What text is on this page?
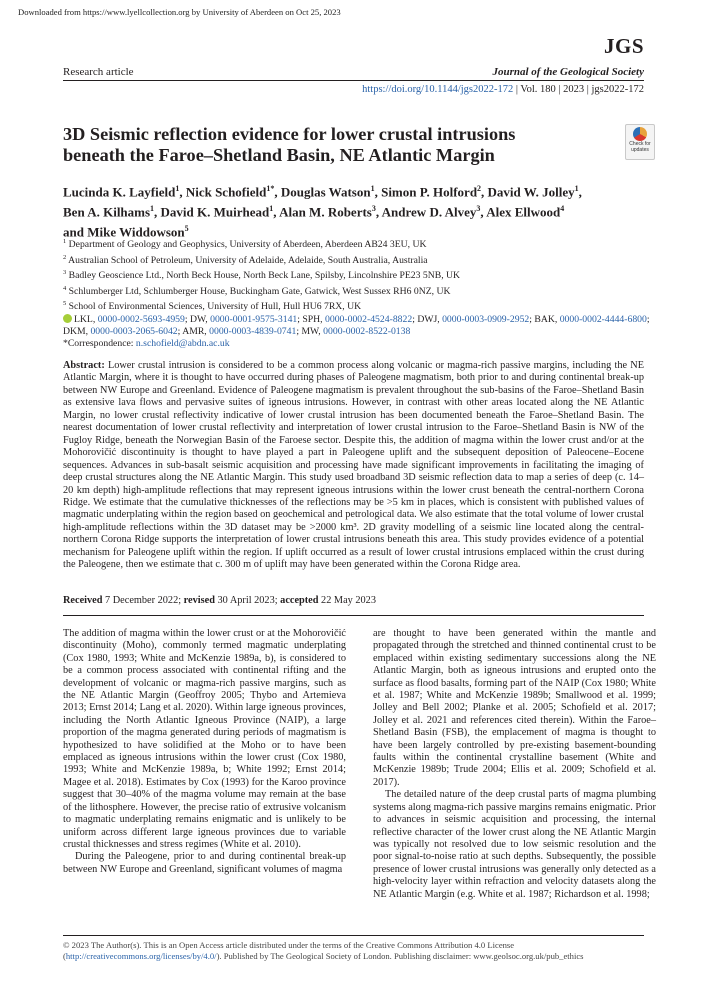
Downloaded from https://www.lyellcollection.org by University of Aberdeen on Oct 25, 2023
JGS
Research article	Journal of the Geological Society
https://doi.org/10.1144/jgs2022-172 | Vol. 180 | 2023 | jgs2022-172
3D Seismic reflection evidence for lower crustal intrusions beneath the Faroe–Shetland Basin, NE Atlantic Margin
Check for
updates
Lucinda K. Layfield$^1$, Nick Schofield$^{1*}$, Douglas Watson$^1$, Simon P. Holford$^2$, David W. Jolley$^1$, Ben A. Kilhams$^1$, David K. Muirhead$^1$, Alan M. Roberts$^3$, Andrew D. Alvey$^3$, Alex Ellwood$^4$ and Mike Widdowson$^5$
$^1$ Department of Geology and Geophysics, University of Aberdeen, Aberdeen AB24 3EU, UK
$^2$ Australian School of Petroleum, University of Adelaide, Adelaide, South Australia, Australia
$^3$ Badley Geoscience Ltd., North Beck House, North Beck Lane, Spilsby, Lincolnshire PE23 5NB, UK
$^4$ Schlumberger Ltd, Schlumberger House, Buckingham Gate, Gatwick, West Sussex RH6 0NZ, UK
$^5$ School of Environmental Sciences, University of Hull, Hull HU6 7RX, UK
LKL, 0000-0002-5693-4959; DW, 0000-0001-9575-3141; SPH, 0000-0002-4524-8822; DWJ, 0000-0003-0909-2952; BAK, 0000-0002-4444-6800; DKM, 0000-0003-2065-6042; AMR, 0000-0003-4839-0741; MW, 0000-0002-8522-0138
*Correspondence: n.schofield@abdn.ac.uk

Abstract: Lower crustal intrusion is considered to be a common process along volcanic or magma-rich passive margins, including the NE Atlantic Margin, where it is thought to have occurred during phases of Paleogene magmatism, both prior to and during continental break-up between NW Europe and Greenland. Evidence of Paleogene magmatism is prevalent throughout the sub-basins of the Faroe–Shetland Basin as extensive lava flows and pervasive suites of igneous intrusions. However, in contrast with other areas located along the NE Atlantic Margin, no lower crustal reflectivity indicative of lower crustal intrusion has been documented beneath the Faroe–Shetland Basin. The nearest documentation of lower crustal reflectivity and interpretation of lower crustal intrusion to the Faroe–Shetland Basin is NW of the Fugloy Ridge, beneath the Norwegian Basin of the Faroese sector. Despite this, the addition of magma within the lower crust and/or at the Mohorovičić discontinuity is thought to have played a part in Paleogene uplift and the subsequent deposition of Paleocene–Eocene sequences. Advances in sub-basalt seismic acquisition and processing have made significant improvements in facilitating the imaging of deep crustal structures along the NE Atlantic Margin. This study used broadband 3D seismic reflection data to map a series of deep (c. 14–20 km depth) high-amplitude reflections that may represent igneous intrusions within the lower crust beneath the central-northern Corona Ridge. We estimate that the cumulative thicknesses of the reflections may be >5 km in places, which is consistent with published values of magmatic underplating within the region based on geochemical and petrological data. We also estimate that the total volume of lower crustal high-amplitude reflections within the 3D dataset may be >2000 km³. 2D gravity modelling of a seismic line located along the central-northern Corona Ridge supports the interpretation of lower crustal intrusions beneath this area. This study provides evidence of a potential mechanism for Paleogene uplift within the region. If uplift occurred as a result of lower crustal intrusions emplaced within the crust during the Paleogene, then we estimate that c. 300 m of uplift may have been generated within the Corona Ridge area.

Received 7 December 2022; revised 30 April 2023; accepted 22 May 2023

The addition of magma within the lower crust or at the Mohorovičić discontinuity (Moho), commonly termed magmatic underplating (Cox 1980, 1993; White and McKenzie 1989a, b), is considered to be a common process associated with continental rifting and the development of volcanic or magma-rich passive margins, such as the NE Atlantic Margin (Geoffroy 2005; Thybo and Artemieva 2013; Ernst 2014; Lang et al. 2020). Within large igneous provinces, including the North Atlantic Igneous Province (NAIP), a large proportion of the magma generated during periods of magmatism is hypothesized to have solidified at the Moho or to have been emplaced as igneous intrusions within the lower crust (Cox 1980, 1993; White and McKenzie 1989a, b; White 1992; Ernst 2014; Magee et al. 2018). Estimates by Cox (1993) for the Karoo province suggest that 30–40% of the magma volume may remain at the base of the lithosphere. However, the precise ratio of extrusive volcanism to magmatic underplating remains enigmatic and is unlikely to be uniform across different large igneous provinces due to variable crustal thicknesses and stress regimes (White et al. 2010).

During the Paleogene, prior to and during continental break-up between NW Europe and Greenland, significant volumes of magma

are thought to have been generated within the mantle and propagated through the stretched and thinned continental crust to be emplaced within existing sedimentary successions along the NE Atlantic Margin, both as igneous intrusions and erupted onto the surface as flood basalts, forming part of the NAIP (Cox 1980; White et al. 1987; White and McKenzie 1989b; Smallwood et al. 1999; Jolley and Bell 2002; Planke et al. 2005; Schofield et al. 2017; Jolley et al. 2021 and references cited therein). Within the Faroe–Shetland Basin (FSB), the emplacement of magma is thought to have been largely controlled by pre-existing basement-bounding faults within the continental crystalline basement (White and McKenzie 1989b; Trude 2004; Ellis et al. 2009; Schofield et al. 2017).

The detailed nature of the deep crustal parts of magma plumbing systems along magma-rich passive margins remains enigmatic. Prior to advances in seismic acquisition and processing, the internal reflective character of the lower crust along the NE Atlantic Margin was typically not resolved due to low seismic resolution and the poor signal-to-noise ratio at such depths. Subsequently, the possible presence of lower crustal intrusions was generally only detected as a high-velocity layer within refraction and velocity datasets along the NE Atlantic Margin (e.g. White et al. 1987; Richardson et al. 1998;

© 2023 The Author(s). This is an Open Access article distributed under the terms of the Creative Commons Attribution 4.0 License (http://creativecommons.org/licenses/by/4.0/). Published by The Geological Society of London. Publishing disclaimer: www.geolsoc.org.uk/pub_ethics
